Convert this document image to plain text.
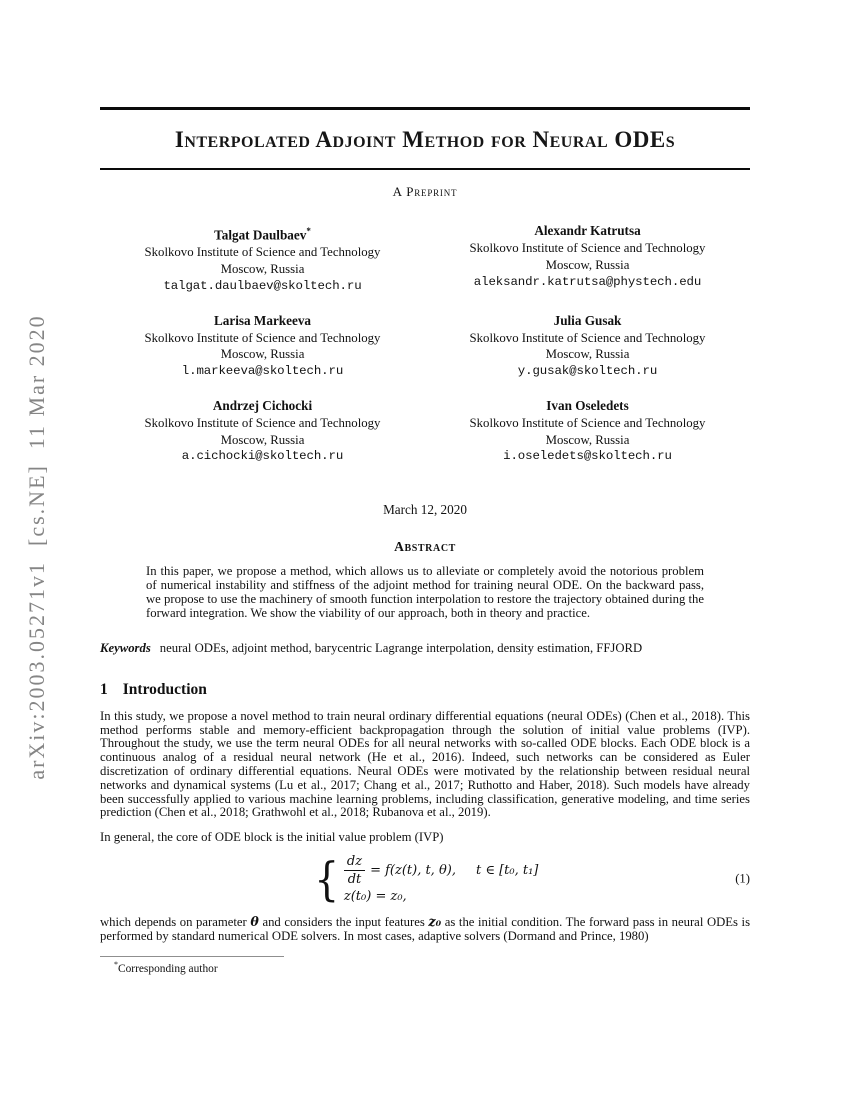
arXiv:2003.05271v1  [cs.NE]  11 Mar 2020
Interpolated Adjoint Method for Neural ODEs
A Preprint
Talgat Daulbaev*
Skolkovo Institute of Science and Technology
Moscow, Russia
talgat.daulbaev@skoltech.ru
Alexandr Katrutsa
Skolkovo Institute of Science and Technology
Moscow, Russia
aleksandr.katrutsa@phystech.edu
Larisa Markeeva
Skolkovo Institute of Science and Technology
Moscow, Russia
l.markeeva@skoltech.ru
Julia Gusak
Skolkovo Institute of Science and Technology
Moscow, Russia
y.gusak@skoltech.ru
Andrzej Cichocki
Skolkovo Institute of Science and Technology
Moscow, Russia
a.cichocki@skoltech.ru
Ivan Oseledets
Skolkovo Institute of Science and Technology
Moscow, Russia
i.oseledets@skoltech.ru
March 12, 2020
Abstract

In this paper, we propose a method, which allows us to alleviate or completely avoid the notorious problem of numerical instability and stiffness of the adjoint method for training neural ODE. On the backward pass, we propose to use the machinery of smooth function interpolation to restore the trajectory obtained during the forward integration. We show the viability of our approach, both in theory and practice.

Keywords neural ODEs, adjoint method, barycentric Lagrange interpolation, density estimation, FFJORD
1 Introduction

In this study, we propose a novel method to train neural ordinary differential equations (neural ODEs) (Chen et al., 2018). This method performs stable and memory-efficient backpropagation through the solution of initial value problems (IVP). Throughout the study, we use the term neural ODEs for all neural networks with so-called ODE blocks. Each ODE block is a continuous analog of a residual neural network (He et al., 2016). Indeed, such networks can be considered as Euler discretization of ordinary differential equations. Neural ODEs were motivated by the relationship between residual neural networks and dynamical systems (Lu et al., 2017; Chang et al., 2017; Ruthotto and Haber, 2018). Such models have already been successfully applied to various machine learning problems, including classification, generative modeling, and time series prediction (Chen et al., 2018; Grathwohl et al., 2018; Rubanova et al., 2019).

In general, the core of ODE block is the initial value problem (IVP)

{ $\frac{dz}{dt} = f(z(t)$, t, θ), t ∈ [t₀, t₁]
z(t₀) = z₀,
(1)

which depends on parameter θ and considers the input features z₀ as the initial condition. The forward pass in neural ODEs is performed by standard numerical ODE solvers. In most cases, adaptive solvers (Dormand and Prince, 1980)

*Corresponding author
